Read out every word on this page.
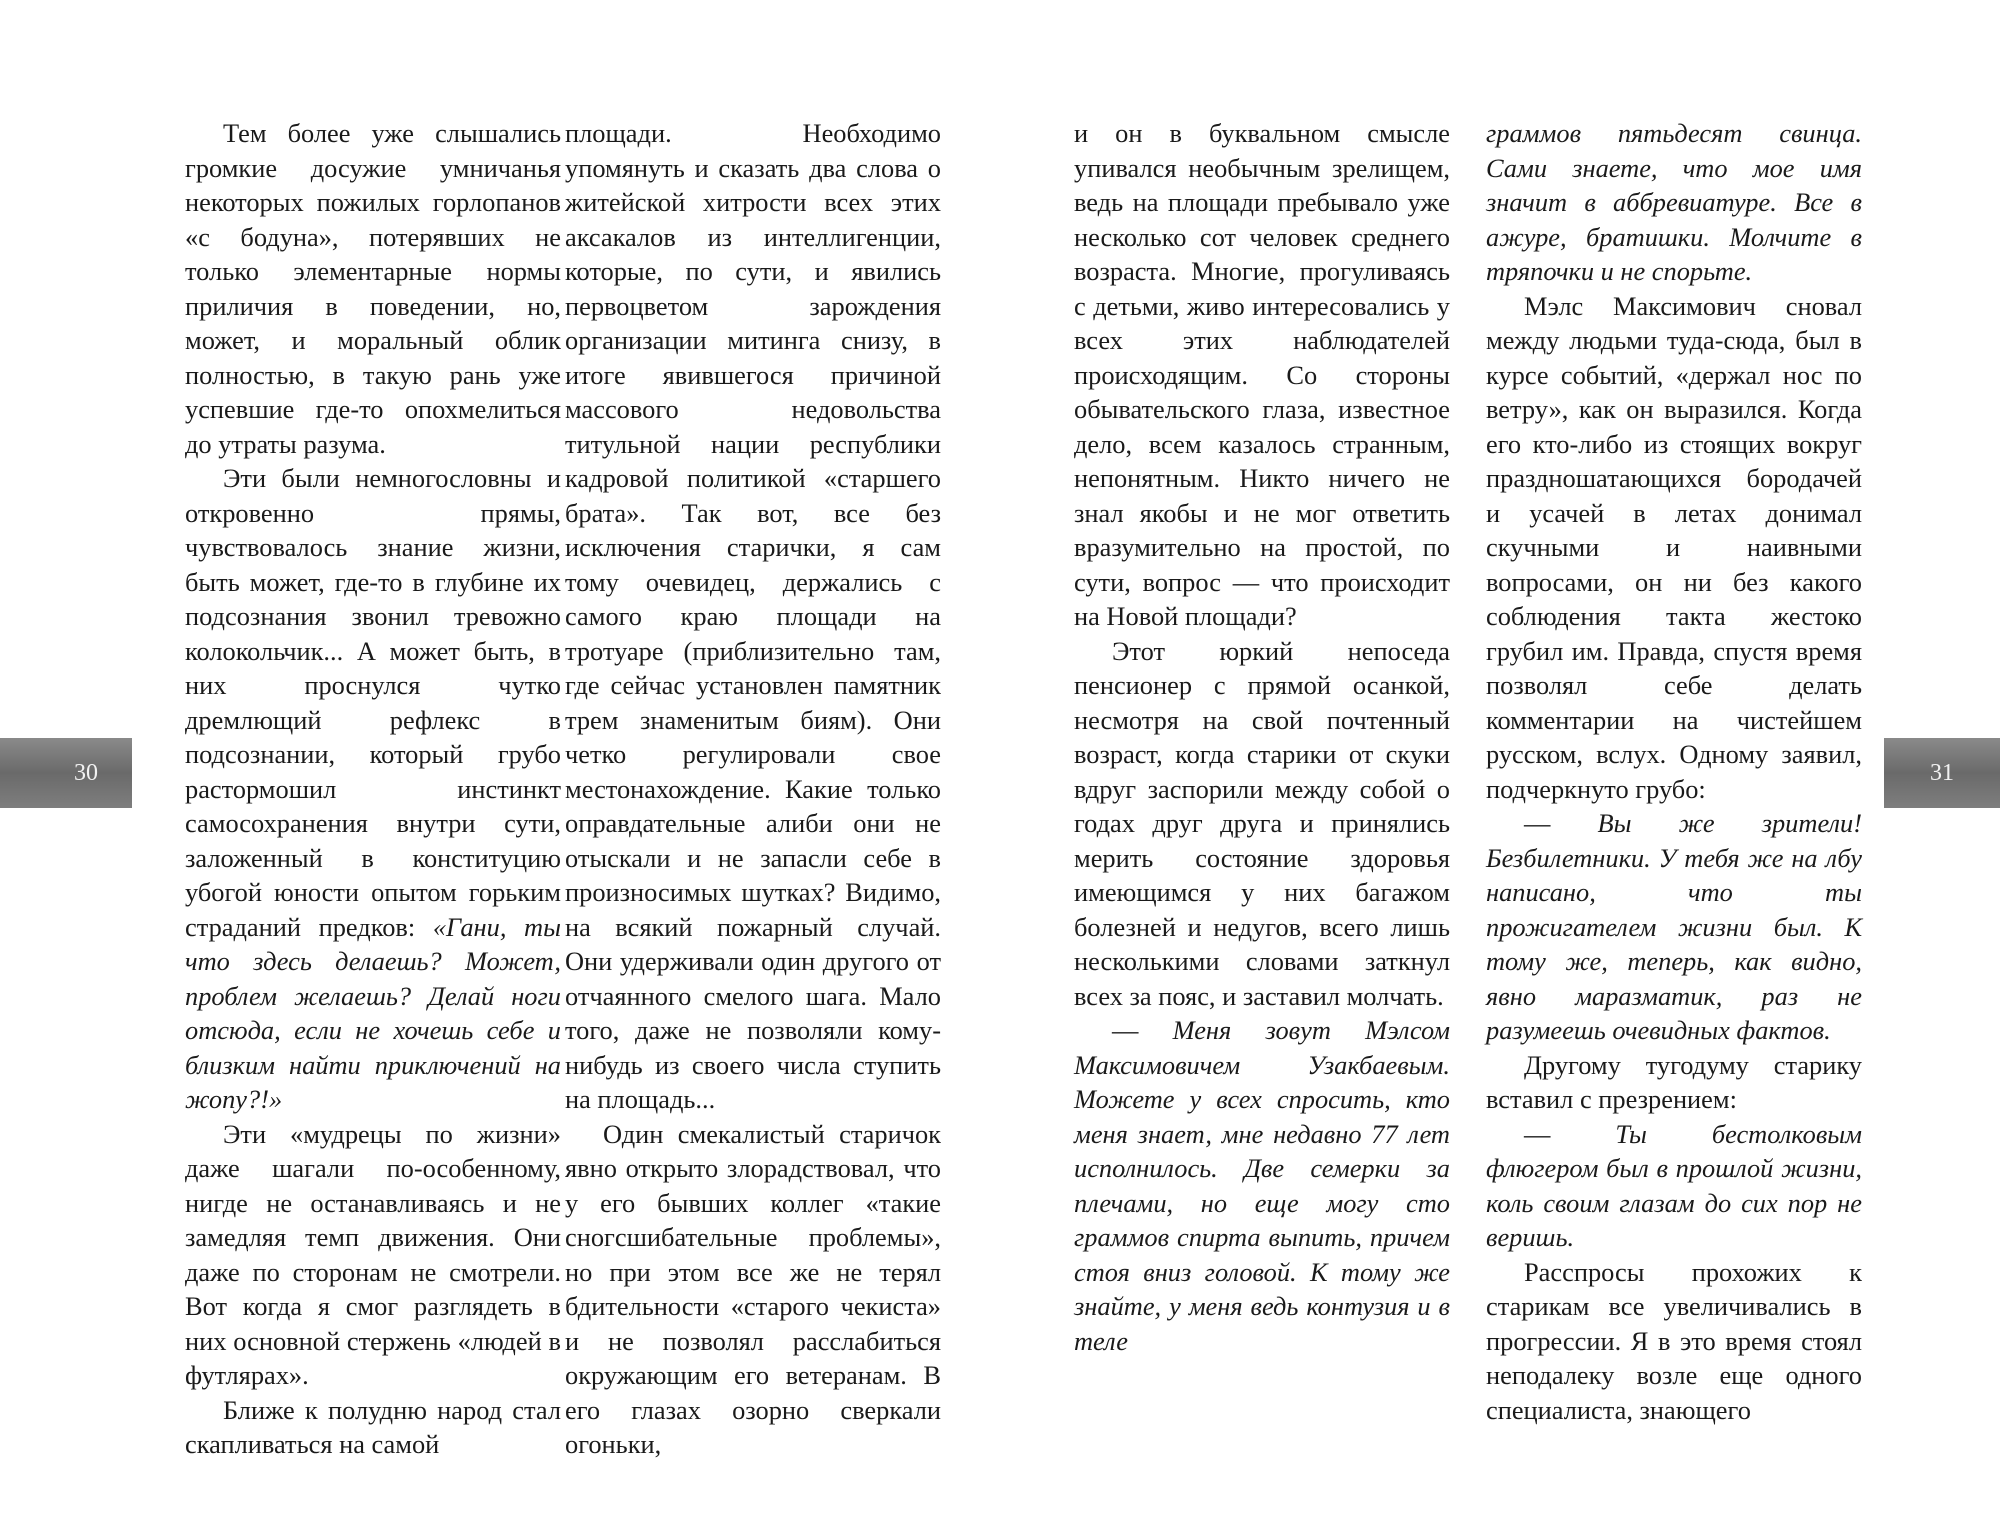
30	31

Тем более уже слышались громкие досужие умничанья некоторых пожилых горлопанов «с бодуна», потерявших не только элементарные нормы приличия в поведении, но, может, и моральный облик полностью, в такую рань уже успевшие где-то опохмелиться до утраты разума.

Эти были немногословны и откровенно прямы, чувствовалось знание жизни, быть может, где-то в глубине их подсознания звонил тревожно колокольчик... А может быть, в них проснулся чутко дремлющий рефлекс в подсознании, который грубо растормошил инстинкт самосохранения внутри сути, заложенный в конституцию убогой юности опытом горьким страданий предков: «Гани, ты что здесь делаешь? Может, проблем желаешь? Делай ноги отсюда, если не хочешь себе и близким найти приключений на жопу?!»

Эти «мудрецы по жизни» даже шагали по-особенному, нигде не останавливаясь и не замедляя темп движения. Они даже по сторонам не смотрели. Вот когда я смог разглядеть в них основной стержень «людей в футлярах».

Ближе к полудню народ стал скапливаться на самой

площади. Необходимо упомянуть и сказать два слова о житейской хитрости всех этих аксакалов из интеллигенции, которые, по сути, и явились первоцветом зарождения организации митинга снизу, в итоге явившегося причиной массового недовольства титульной нации республики кадровой политикой «старшего брата». Так вот, все без исключения старички, я сам тому очевидец, держались с самого краю площади на тротуаре (приблизительно там, где сейчас установлен памятник трем знаменитым биям). Они четко регулировали свое местонахождение. Какие только оправдательные алиби они не отыскали и не запасли себе в произносимых шутках? Видимо, на всякий пожарный случай. Они удерживали один другого от отчаянного смелого шага. Мало того, даже не позволяли кому-нибудь из своего числа ступить на площадь...

Один смекалистый старичок явно открыто злорадствовал, что у его бывших коллег «такие сногсшибательные проблемы», но при этом все же не терял бдительности «старого чекиста» и не позволял расслабиться окружающим его ветеранам. В его глазах озорно сверкали огоньки,

и он в буквальном смысле упивался необычным зрелищем, ведь на площади пребывало уже несколько сот человек среднего возраста. Многие, прогуливаясь с детьми, живо интересовались у всех этих наблюдателей происходящим. Со стороны обывательского глаза, известное дело, всем казалось странным, непонятным. Никто ничего не знал якобы и не мог ответить вразумительно на простой, по сути, вопрос — что происходит на Новой площади?

Этот юркий непоседа пенсионер с прямой осанкой, несмотря на свой почтенный возраст, когда старики от скуки вдруг заспорили между собой о годах друг друга и принялись мерить состояние здоровья имеющимся у них багажом болезней и недугов, всего лишь несколькими словами заткнул всех за пояс, и заставил молчать.

— Меня зовут Мэлсом Максимовичем Узакбаевым. Можете у всех спросить, кто меня знает, мне недавно 77 лет исполнилось. Две семерки за плечами, но еще могу сто граммов спирта выпить, причем стоя вниз головой. К тому же знайте, у меня ведь контузия и в теле

граммов пятьдесят свинца. Сами знаете, что мое имя значит в аббревиатуре. Все в ажуре, братишки. Молчите в тряпочки и не спорьте.

Мэлс Максимович сновал между людьми туда-сюда, был в курсе событий, «держал нос по ветру», как он выразился. Когда его кто-либо из стоящих вокруг праздношатающихся бородачей и усачей в летах донимал скучными и наивными вопросами, он ни без какого соблюдения такта жестоко грубил им. Правда, спустя время позволял себе делать комментарии на чистейшем русском, вслух. Одному заявил, подчеркнуто грубо:

— Вы же зрители! Безбилетники. У тебя же на лбу написано, что ты прожигателем жизни был. К тому же, теперь, как видно, явно маразматик, раз не разумеешь очевидных фактов.

Другому тугодуму старику вставил с презрением:

— Ты бестолковым флюгером был в прошлой жизни, коль своим глазам до сих пор не веришь.

Расспросы прохожих к старикам все увеличивались в прогрессии. Я в это время стоял неподалеку возле еще одного специалиста, знающего
